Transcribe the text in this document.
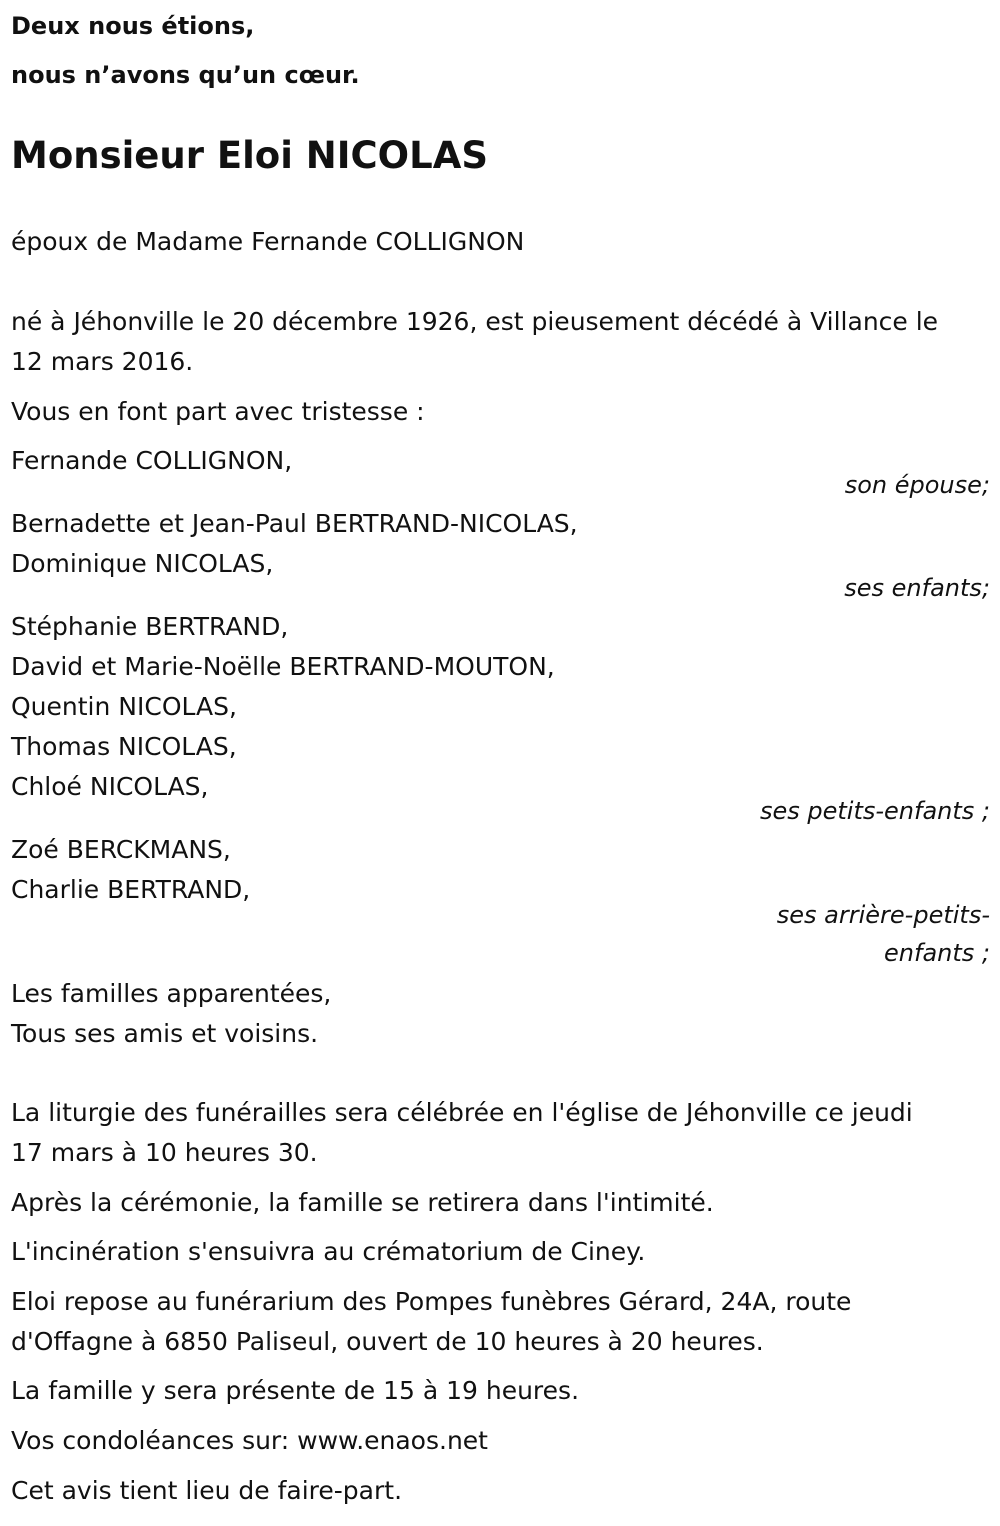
Deux nous étions,
nous n’avons qu’un cœur.
Monsieur Eloi NICOLAS
époux de Madame Fernande COLLIGNON
né à Jéhonville le 20 décembre 1926, est pieusement décédé à Villance le
12 mars 2016.
Vous en font part avec tristesse :
Fernande COLLIGNON,
son épouse;
Bernadette et Jean-Paul BERTRAND-NICOLAS,
Dominique NICOLAS,
ses enfants;
Stéphanie BERTRAND,
David et Marie-Noëlle BERTRAND-MOUTON,
Quentin NICOLAS,
Thomas NICOLAS,
Chloé NICOLAS,
ses petits-enfants ;
Zoé BERCKMANS,
Charlie BERTRAND,
ses arrière-petits-
enfants ;
Les familles apparentées,
Tous ses amis et voisins.
La liturgie des funérailles sera célébrée en l'église de Jéhonville ce jeudi
17 mars à 10 heures 30.
Après la cérémonie, la famille se retirera dans l'intimité.
L'incinération s'ensuivra au crématorium de Ciney.
Eloi repose au funérarium des Pompes funèbres Gérard, 24A, route
d'Offagne à 6850 Paliseul, ouvert de 10 heures à 20 heures.
La famille y sera présente de 15 à 19 heures.
Vos condoléances sur: www.enaos.net
Cet avis tient lieu de faire-part.
